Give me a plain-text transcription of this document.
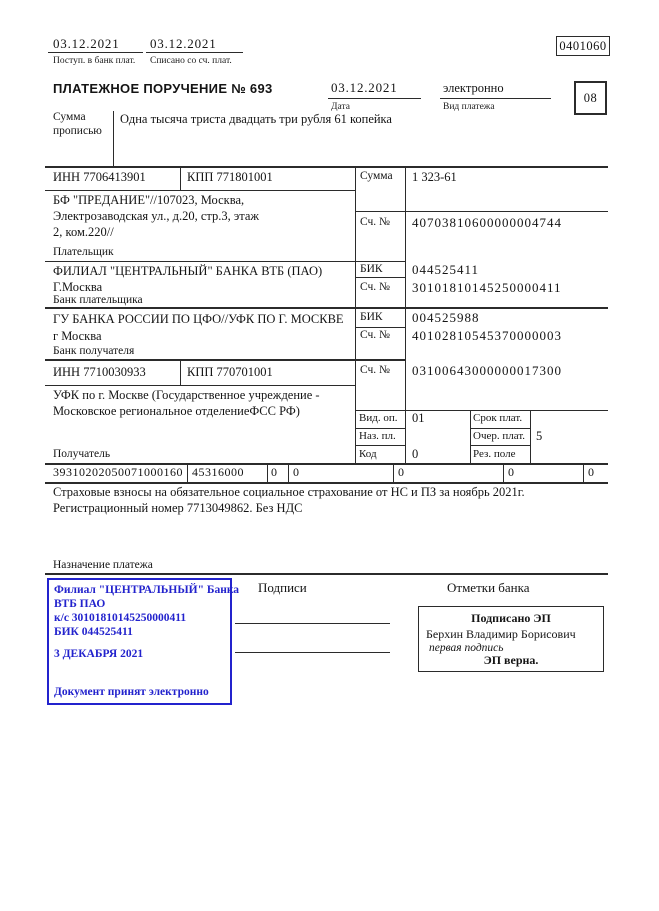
03.12.2021
Поступ. в банк плат.
03.12.2021
Списано со сч. плат.
0401060
ПЛАТЕЖНОЕ ПОРУЧЕНИЕ № 693	03.12.2021
Дата
электронно
Вид платежа
08
Сумма
прописью
Одна тысяча триста двадцать три рубля 61 копейка
ИНН 7706413901	КПП 771801001
БФ "ПРЕДАНИЕ"//107023, Москва,
Электрозаводская ул., д.20, стр.3, этаж
2, ком.220//
Плательщик
Сумма 1 323-61
Сч. № 40703810600000004744
ФИЛИАЛ "ЦЕНТРАЛЬНЫЙ" БАНКА ВТБ (ПАО)
Г.Москва
Банк плательщика
БИК 044525411
Сч. № 30101810145250000411
ГУ БАНКА РОССИИ ПО ЦФО//УФК ПО Г. МОСКВЕ
г Москва
Банк получателя
БИК 004525988
Сч. № 40102810545370000003
ИНН 7710030933	КПП 770701001
УФК по г. Москве (Государственное учреждение -
Московское региональное отделениеФСС РФ)
Получатель
Сч. № 03100643000000017300
Вид. оп. 01	Срок плат.
Наз. пл.	Очер. плат. 5
Код	0	Рез. поле
39310202050071000160 45316000 0 0	0	0	0
Страховые взносы на обязательное социальное страхование от НС и ПЗ за ноябрь 2021г.
Регистрационный номер 7713049862. Без НДС
Назначение платежа
Подписи	Отметки банка
Филиал "ЦЕНТРАЛЬНЫЙ" Банка
ВТБ ПАО
к/с 30101810145250000411
БИК 044525411
3 ДЕКАБРЯ 2021
Документ принят электронно
Подписано ЭП
Берхин Владимир Борисович
первая подпись
ЭП верна.
